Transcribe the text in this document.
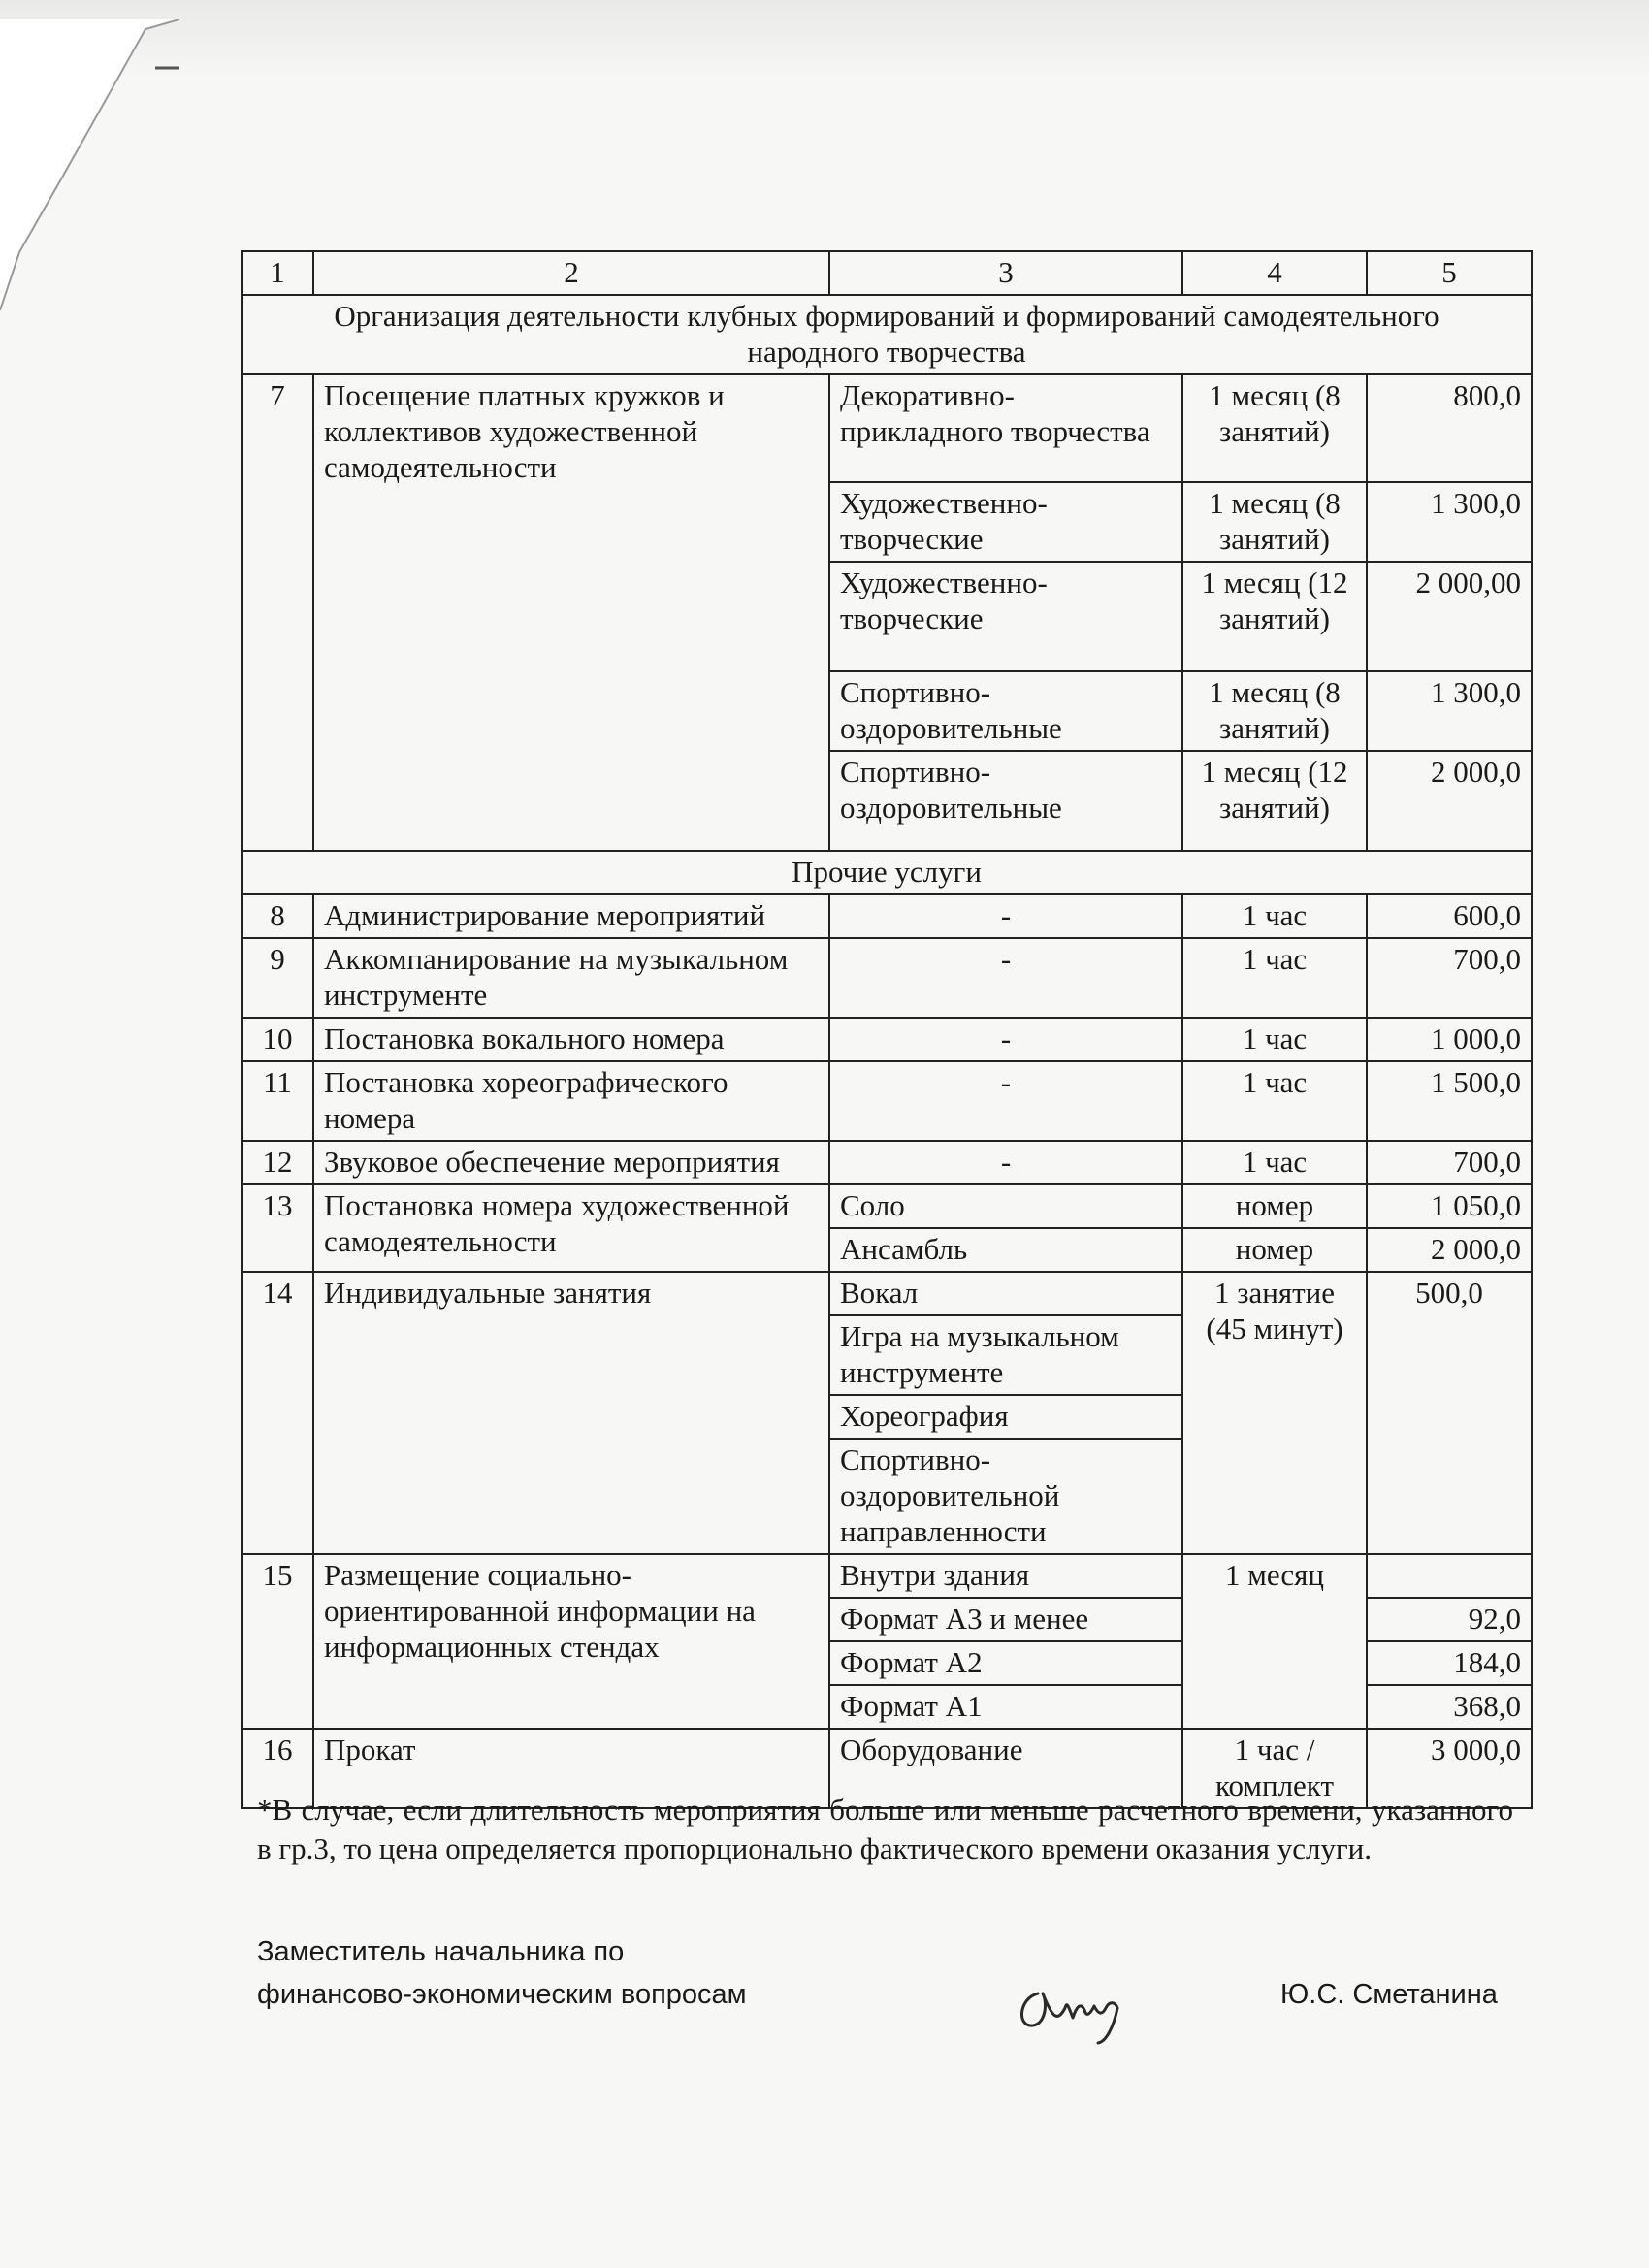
1	2	3	4	5
Организация деятельности клубных формирований и формирований самодеятельного народного творчества				
7	Посещение платных кружков и коллективов художественной самодеятельности	Декоративно-прикладного творчества	1 месяц (8 занятий)	800,0
		Художественно-творческие	1 месяц (8 занятий)	1 300,0
		Художественно-творческие	1 месяц (12 занятий)	2 000,00
		Спортивно-оздоровительные	1 месяц (8 занятий)	1 300,0
		Спортивно-оздоровительные	1 месяц (12 занятий)	2 000,0
Прочие услуги				
8	Администрирование мероприятий	-	1 час	600,0
9	Аккомпанирование на музыкальном инструменте	-	1 час	700,0
10	Постановка вокального номера	-	1 час	1 000,0
11	Постановка хореографического номера	-	1 час	1 500,0
12	Звуковое обеспечение мероприятия	-	1 час	700,0
13	Постановка номера художественной самодеятельности	Соло	номер	1 050,0
		Ансамбль	номер	2 000,0
14	Индивидуальные занятия	Вокал	1 занятие (45 минут)	500,0
		Игра на музыкальном инструменте		
		Хореография		
		Спортивно-оздоровительной направленности		
15	Размещение социально-ориентированной информации на информационных стендах	Внутри здания	1 месяц	
		Формат А3 и менее		92,0
		Формат А2		184,0
		Формат А1		368,0
16	Прокат	Оборудование	1 час / комплект	3 000,0
*В случае, если длительность мероприятия больше или меньше расчетного времени, указанного в гр.3, то цена определяется пропорционально фактического времени оказания услуги.
Заместитель начальника по
финансово-экономическим вопросам	Ю.С. Сметанина
